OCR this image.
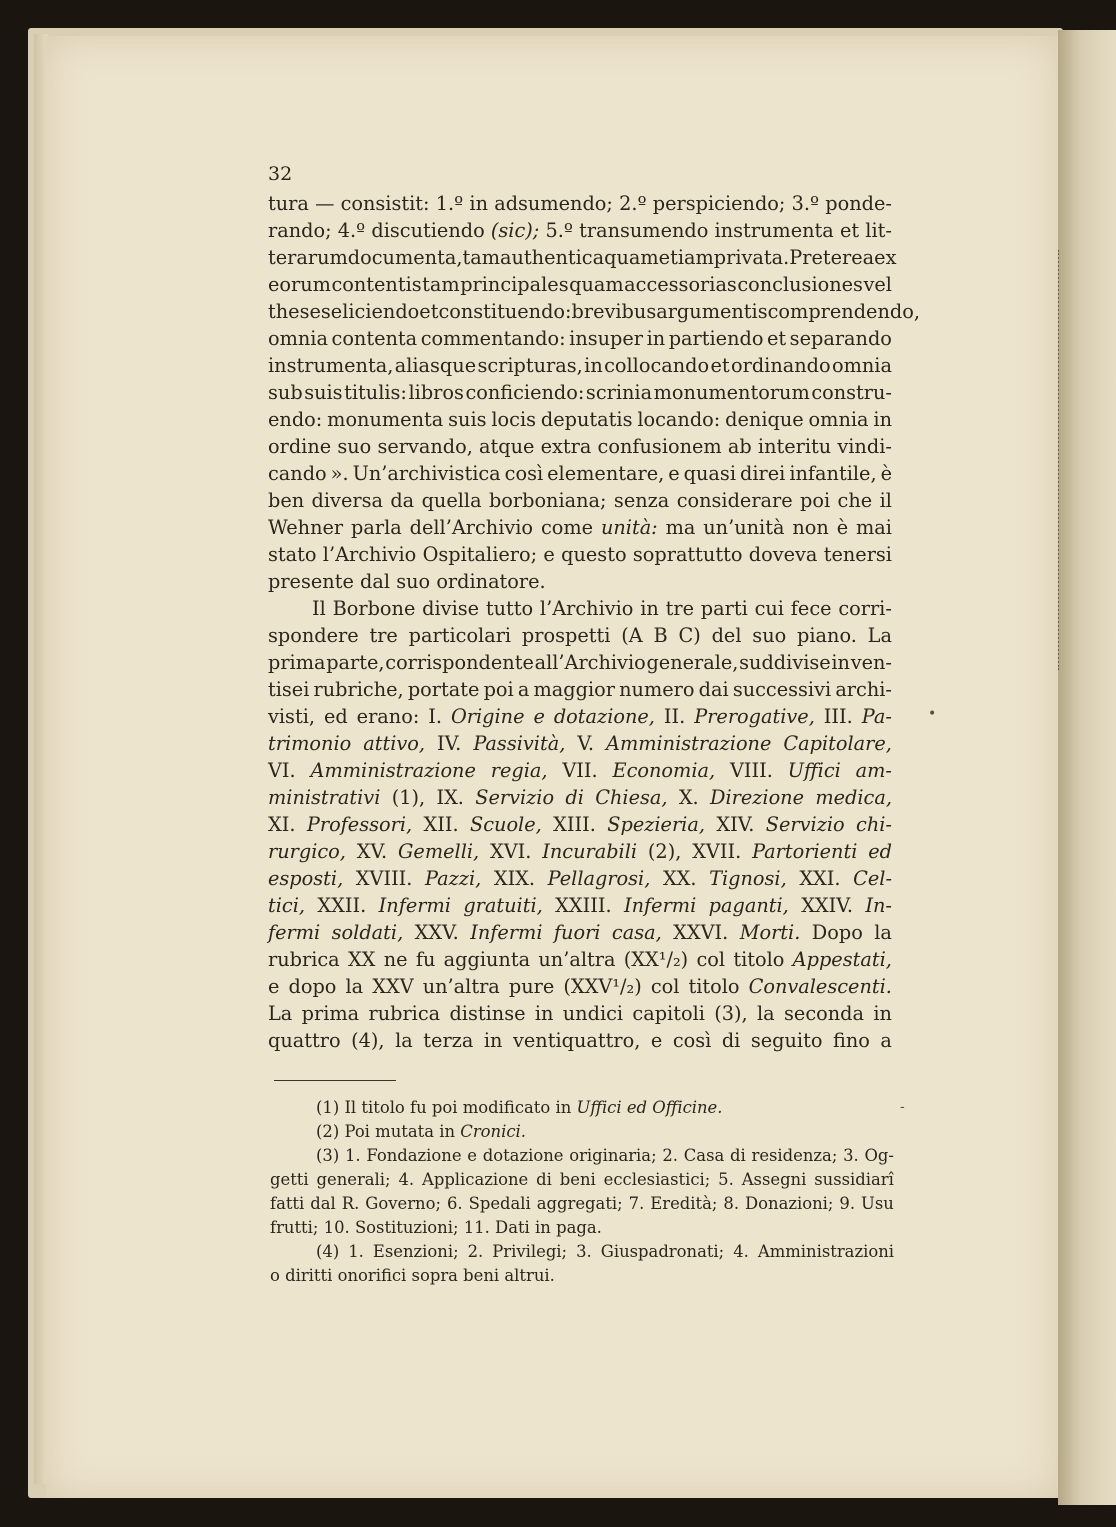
32
tura — consistit: 1.º in adsumendo; 2.º perspiciendo; 3.º ponde-
rando; 4.º discutiendo (sic); 5.º transumendo instrumenta et lit-
terarum documenta, tam authentica quam etiam privata. Preterea ex
eorum contentis tam principales quam accessorias conclusiones vel
theses eliciendo et constituendo: brevibus argumentis comprendendo,
omnia contenta commentando: insuper in partiendo et separando
instrumenta, aliasque scripturas, in collocando et ordinando omnia
sub suis titulis: libros conficiendo: scrinia monumentorum constru-
endo: monumenta suis locis deputatis locando: denique omnia in
ordine suo servando, atque extra confusionem ab interitu vindi-
cando ». Un’archivistica così elementare, e quasi direi infantile, è
ben diversa da quella borboniana; senza considerare poi che il
Wehner parla dell’Archivio come unità: ma un’unità non è mai
stato l’Archivio Ospitaliero; e questo soprattutto doveva tenersi
presente dal suo ordinatore.
Il Borbone divise tutto l’Archivio in tre parti cui fece corri-
spondere tre particolari prospetti (A B C) del suo piano. La
prima parte, corrispondente all’Archivio generale, suddivise in ven-
tisei rubriche, portate poi a maggior numero dai successivi archi-
visti, ed erano: I. Origine e dotazione, II. Prerogative, III. Pa-
trimonio attivo, IV. Passività, V. Amministrazione Capitolare,
VI. Amministrazione regia, VII. Economia, VIII. Uffici am-
ministrativi (1), IX. Servizio di Chiesa, X. Direzione medica,
XI. Professori, XII. Scuole, XIII. Spezieria, XIV. Servizio chi-
rurgico, XV. Gemelli, XVI. Incurabili (2), XVII. Partorienti ed
esposti, XVIII. Pazzi, XIX. Pellagrosi, XX. Tignosi, XXI. Cel-
tici, XXII. Infermi gratuiti, XXIII. Infermi paganti, XXIV. In-
fermi soldati, XXV. Infermi fuori casa, XXVI. Morti. Dopo la
rubrica XX ne fu aggiunta un’altra (XX¹/₂) col titolo Appestati,
e dopo la XXV un’altra pure (XXV¹/₂) col titolo Convalescenti.
La prima rubrica distinse in undici capitoli (3), la seconda in
quattro (4), la terza in ventiquattro, e così di seguito fino a
(1) Il titolo fu poi modificato in Uffici ed Officine.
(2) Poi mutata in Cronici.
(3) 1. Fondazione e dotazione originaria; 2. Casa di residenza; 3. Og-
getti generali; 4. Applicazione di beni ecclesiastici; 5. Assegni sussidiarî
fatti dal R. Governo; 6. Spedali aggregati; 7. Eredità; 8. Donazioni; 9. Usu
frutti; 10. Sostituzioni; 11. Dati in paga.
(4) 1. Esenzioni; 2. Privilegi; 3. Giuspadronati; 4. Amministrazioni
o diritti onorifici sopra beni altrui.
•
-
